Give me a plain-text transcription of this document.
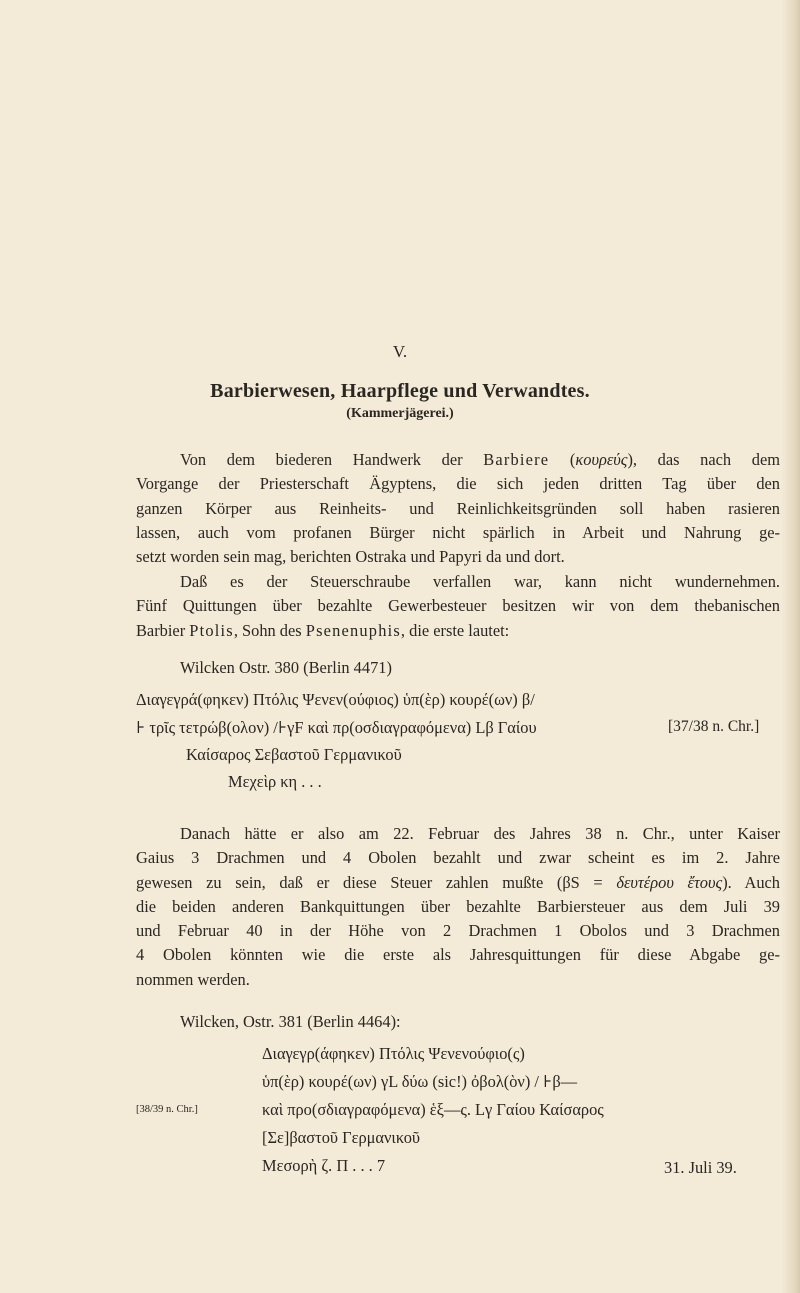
V.
Barbierwesen, Haarpflege und Verwandtes.
(Kammerjägerei.)
Von dem biederen Handwerk der Barbiere (κουρεύς), das nach dem
Vorgange der Priesterschaft Ägyptens, die sich jeden dritten Tag über den
ganzen Körper aus Reinheits- und Reinlichkeitsgründen soll haben rasieren
lassen, auch vom profanen Bürger nicht spärlich in Arbeit und Nahrung ge-
setzt worden sein mag, berichten Ostraka und Papyri da und dort.
Daß es der Steuerschraube verfallen war, kann nicht wundernehmen.
Fünf Quittungen über bezahlte Gewerbesteuer besitzen wir von dem thebanischen
Barbier Ptolis, Sohn des Psenenuphis, die erste lautet:
Wilcken Ostr. 380 (Berlin 4471)
Διαγεγρά(φηκεν) Πτόλις Ψενεν(ούφιος) ὑπ(ὲρ) κουρέ(ων) β/
⊦ τρῖς τετρώβ(ολον) /⊦γF καὶ πρ(οσδιαγραφόμενα) Lβ Γαίου	[37/38 n. Chr.]
Καίσαρος Σεβαστοῦ Γερμανικοῦ
Μεχεὶρ κη . . .
Danach hätte er also am 22. Februar des Jahres 38 n. Chr., unter Kaiser
Gaius 3 Drachmen und 4 Obolen bezahlt und zwar scheint es im 2. Jahre
gewesen zu sein, daß er diese Steuer zahlen mußte (βS = δευτέρου ἔτους). Auch
die beiden anderen Bankquittungen über bezahlte Barbiersteuer aus dem Juli 39
und Februar 40 in der Höhe von 2 Drachmen 1 Obolos und 3 Drachmen
4 Obolen könnten wie die erste als Jahresquittungen für diese Abgabe ge-
nommen werden.
Wilcken, Ostr. 381 (Berlin 4464):
Διαγεγρ(άφηκεν) Πτόλις Ψενενούφιο(ς)
ὑπ(ὲρ) κουρέ(ων) γL δύω (sic!) ὀβολ(ὸν) / ⊦β—
[38/39 n. Chr.]	καὶ προ(σδιαγραφόμενα) ἑξ—ς. Lγ Γαίου Καίσαρος
[Σε]βαστοῦ Γερμανικοῦ
Μεσορὴ ζ. Π . . . 7	31. Juli 39.
